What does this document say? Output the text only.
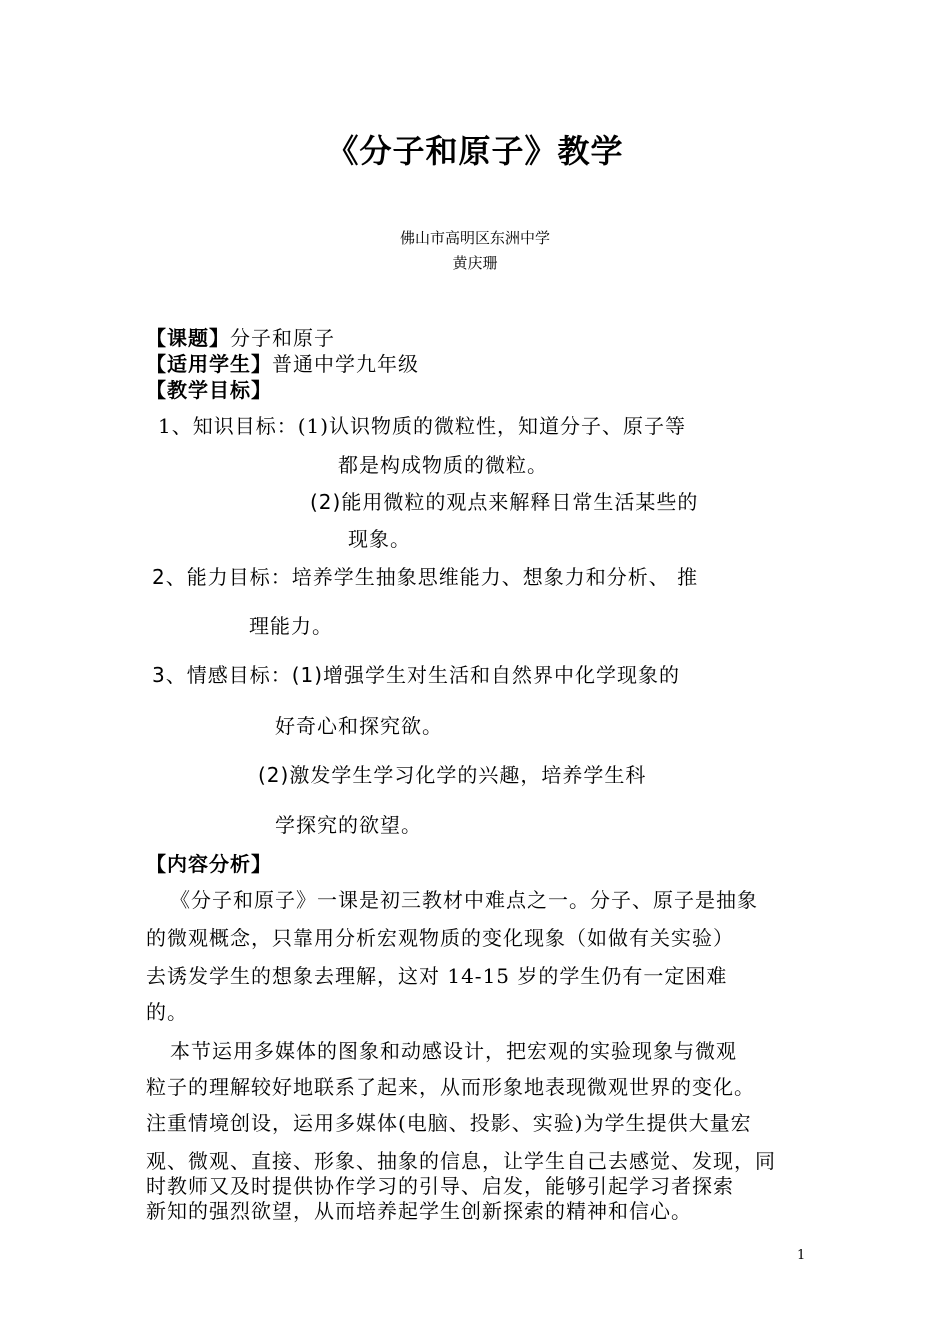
《分子和原子》教学
佛山市高明区东洲中学
黄庆珊
【课题】分子和原子
【适用学生】普通中学九年级
【教学目标】
1、知识目标：(1)认识物质的微粒性，知道分子、原子等
都是构成物质的微粒。
(2)能用微粒的观点来解释日常生活某些的
现象。
2、能力目标：培养学生抽象思维能力、想象力和分析、 推
理能力。
3、情感目标：(1)增强学生对生活和自然界中化学现象的
好奇心和探究欲。
(2)激发学生学习化学的兴趣，培养学生科
学探究的欲望。
【内容分析】
《分子和原子》一课是初三教材中难点之一。分子、原子是抽象
的微观概念，只靠用分析宏观物质的变化现象（如做有关实验）
去诱发学生的想象去理解，这对 14-15 岁的学生仍有一定困难
的。
本节运用多媒体的图象和动感设计，把宏观的实验现象与微观
粒子的理解较好地联系了起来，从而形象地表现微观世界的变化。
注重情境创设，运用多媒体(电脑、投影、实验)为学生提供大量宏
观、微观、直接、形象、抽象的信息，让学生自己去感觉、发现，同
时教师又及时提供协作学习的引导、启发，能够引起学习者探索
新知的强烈欲望，从而培养起学生创新探索的精神和信心。
1
